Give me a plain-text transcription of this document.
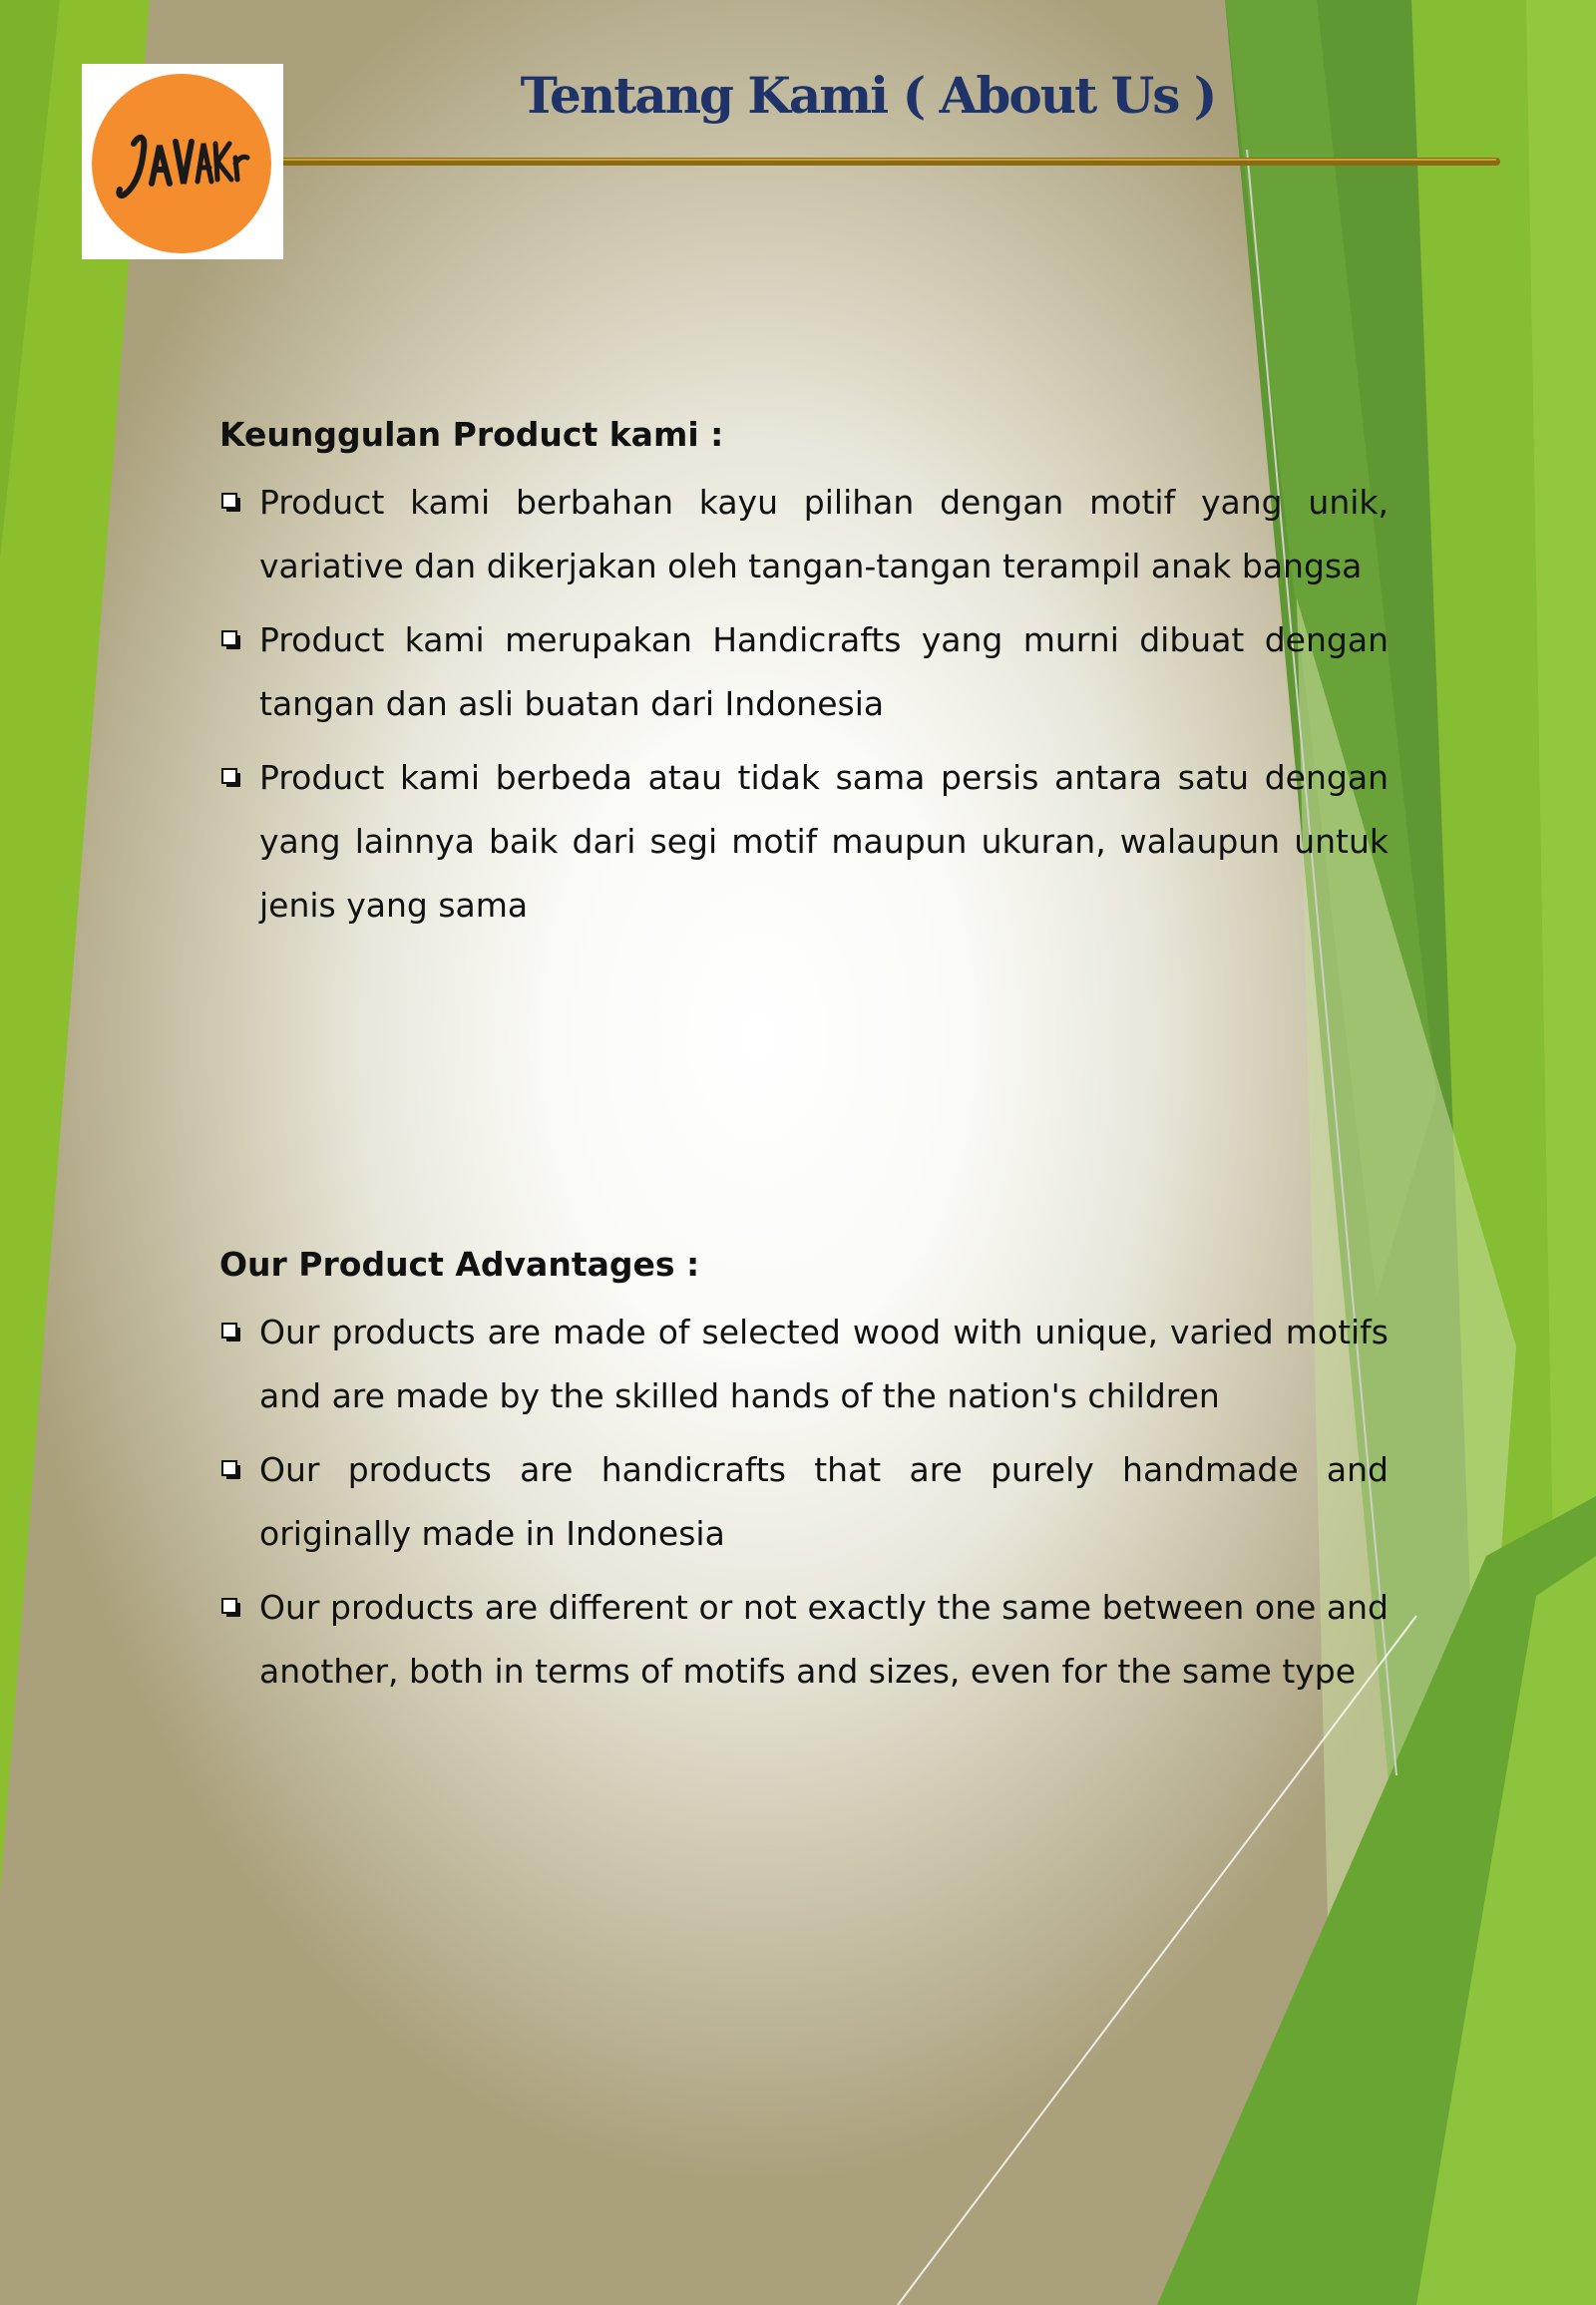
Tentang Kami ( About Us )
Keunggulan Product kami :
Product kami berbahan kayu pilihan dengan motif yang unik, variative dan dikerjakan oleh tangan-tangan terampil anak bangsa
Product kami merupakan Handicrafts yang murni dibuat dengan tangan dan asli buatan dari Indonesia
Product kami berbeda atau tidak sama persis antara satu dengan yang lainnya baik dari segi motif maupun ukuran, walaupun untuk jenis yang sama
Our Product Advantages :
Our products are made of selected wood with unique, varied motifs and are made by the skilled hands of the nation's children
Our products are handicrafts that are purely handmade and originally made in Indonesia
Our products are different or not exactly the same between one and another, both in terms of motifs and sizes, even for the same type
